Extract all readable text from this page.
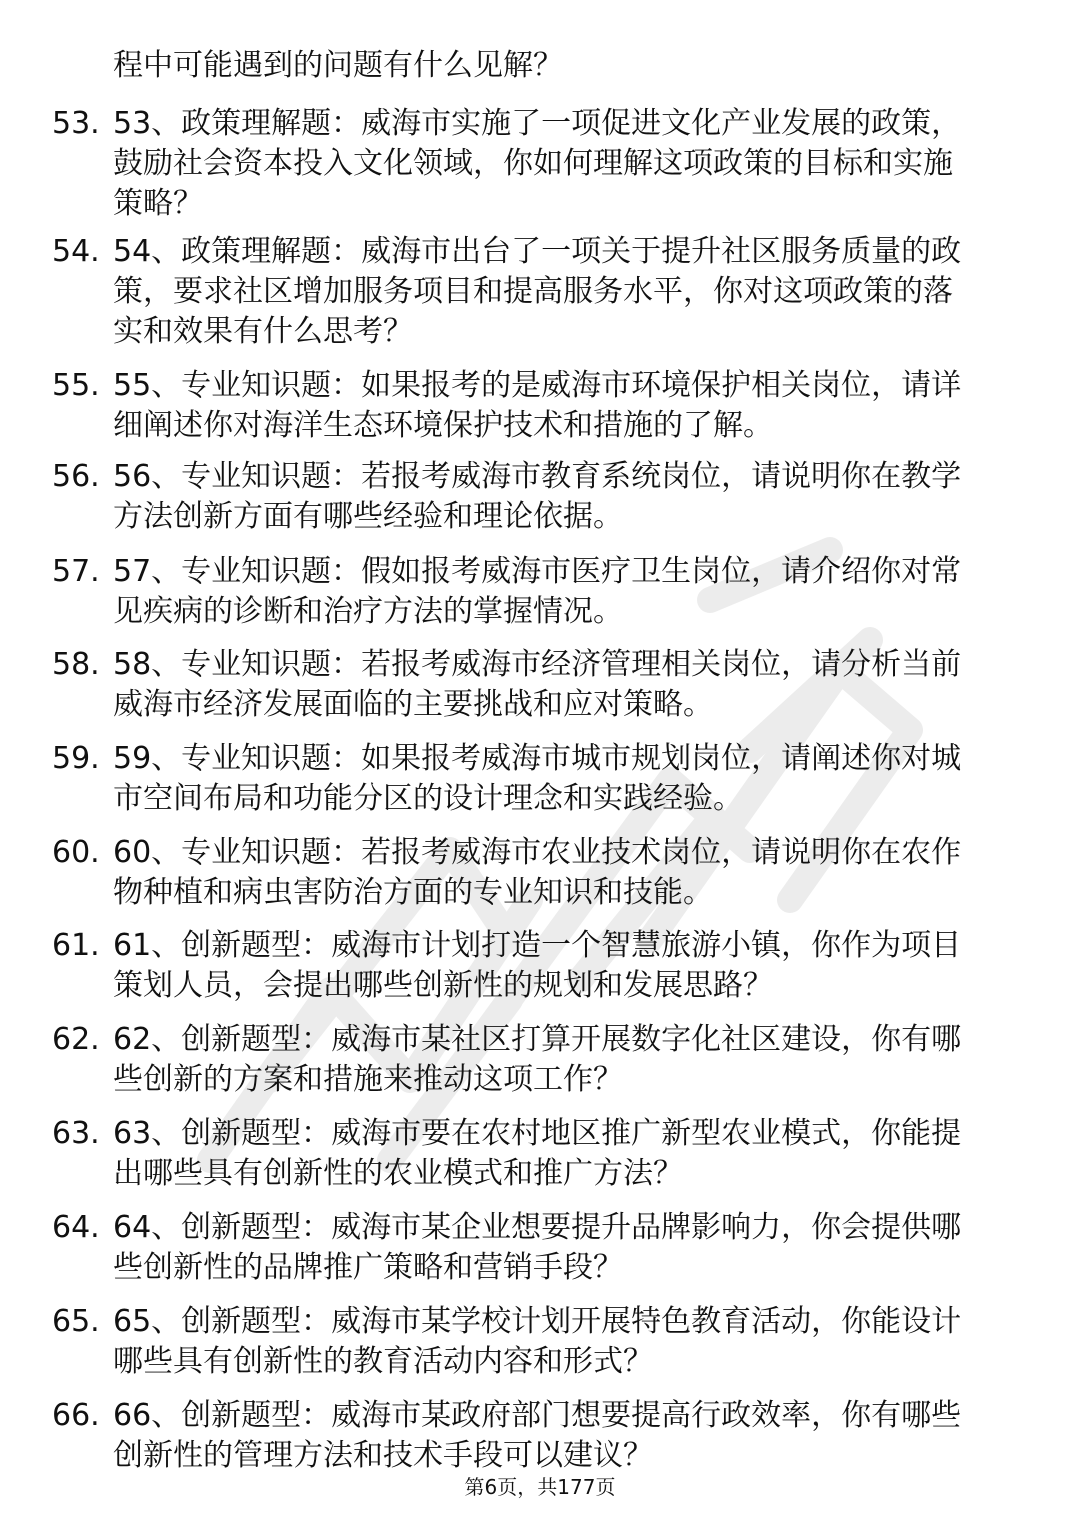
程中可能遇到的问题有什么见解？
53. 53、政策理解题：威海市实施了一项促进文化产业发展的政策，
鼓励社会资本投入文化领域，你如何理解这项政策的目标和实施
策略？
54. 54、政策理解题：威海市出台了一项关于提升社区服务质量的政
策，要求社区增加服务项目和提高服务水平，你对这项政策的落
实和效果有什么思考？
55. 55、专业知识题：如果报考的是威海市环境保护相关岗位，请详
细阐述你对海洋生态环境保护技术和措施的了解。
56. 56、专业知识题：若报考威海市教育系统岗位，请说明你在教学
方法创新方面有哪些经验和理论依据。
57. 57、专业知识题：假如报考威海市医疗卫生岗位，请介绍你对常
见疾病的诊断和治疗方法的掌握情况。
58. 58、专业知识题：若报考威海市经济管理相关岗位，请分析当前
威海市经济发展面临的主要挑战和应对策略。
59. 59、专业知识题：如果报考威海市城市规划岗位，请阐述你对城
市空间布局和功能分区的设计理念和实践经验。
60. 60、专业知识题：若报考威海市农业技术岗位，请说明你在农作
物种植和病虫害防治方面的专业知识和技能。
61. 61、创新题型：威海市计划打造一个智慧旅游小镇，你作为项目
策划人员，会提出哪些创新性的规划和发展思路？
62. 62、创新题型：威海市某社区打算开展数字化社区建设，你有哪
些创新的方案和措施来推动这项工作？
63. 63、创新题型：威海市要在农村地区推广新型农业模式，你能提
出哪些具有创新性的农业模式和推广方法？
64. 64、创新题型：威海市某企业想要提升品牌影响力，你会提供哪
些创新性的品牌推广策略和营销手段？
65. 65、创新题型：威海市某学校计划开展特色教育活动，你能设计
哪些具有创新性的教育活动内容和形式？
66. 66、创新题型：威海市某政府部门想要提高行政效率，你有哪些
创新性的管理方法和技术手段可以建议？
第6页，共177页
